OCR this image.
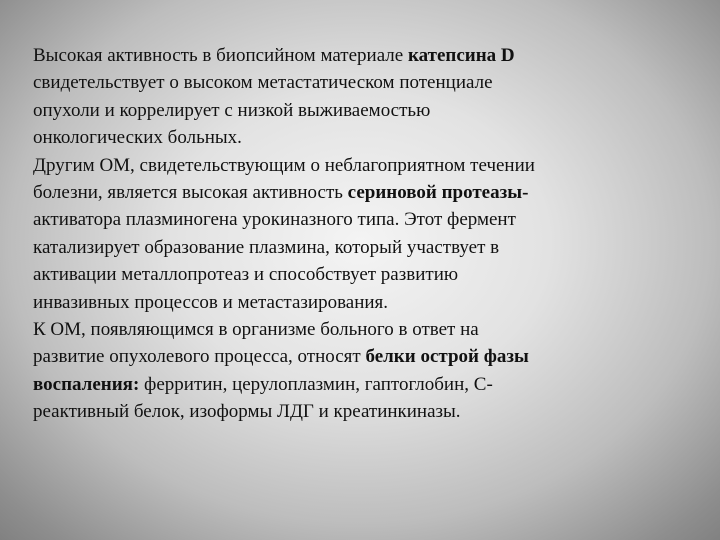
Высокая активность в биопсийном материале катепсина D
свидетельствует о высоком метастатическом потенциале
опухоли и коррелирует с низкой выживаемостью
онкологических больных.
Другим ОМ, свидетельствующим о неблагоприятном течении
болезни, является высокая активность сериновой протеазы-
активатора плазминогена урокиназного типа. Этот фермент
катализирует образование плазмина, который участвует в
активации металлопротеаз и способствует развитию
инвазивных процессов и метастазирования.
К ОМ, появляющимся в организме больного в ответ на
развитие опухолевого процесса, относят белки острой фазы
воспаления: ферритин, церулоплазмин, гаптоглобин, С-
реактивный белок, изоформы ЛДГ и креатинкиназы.
